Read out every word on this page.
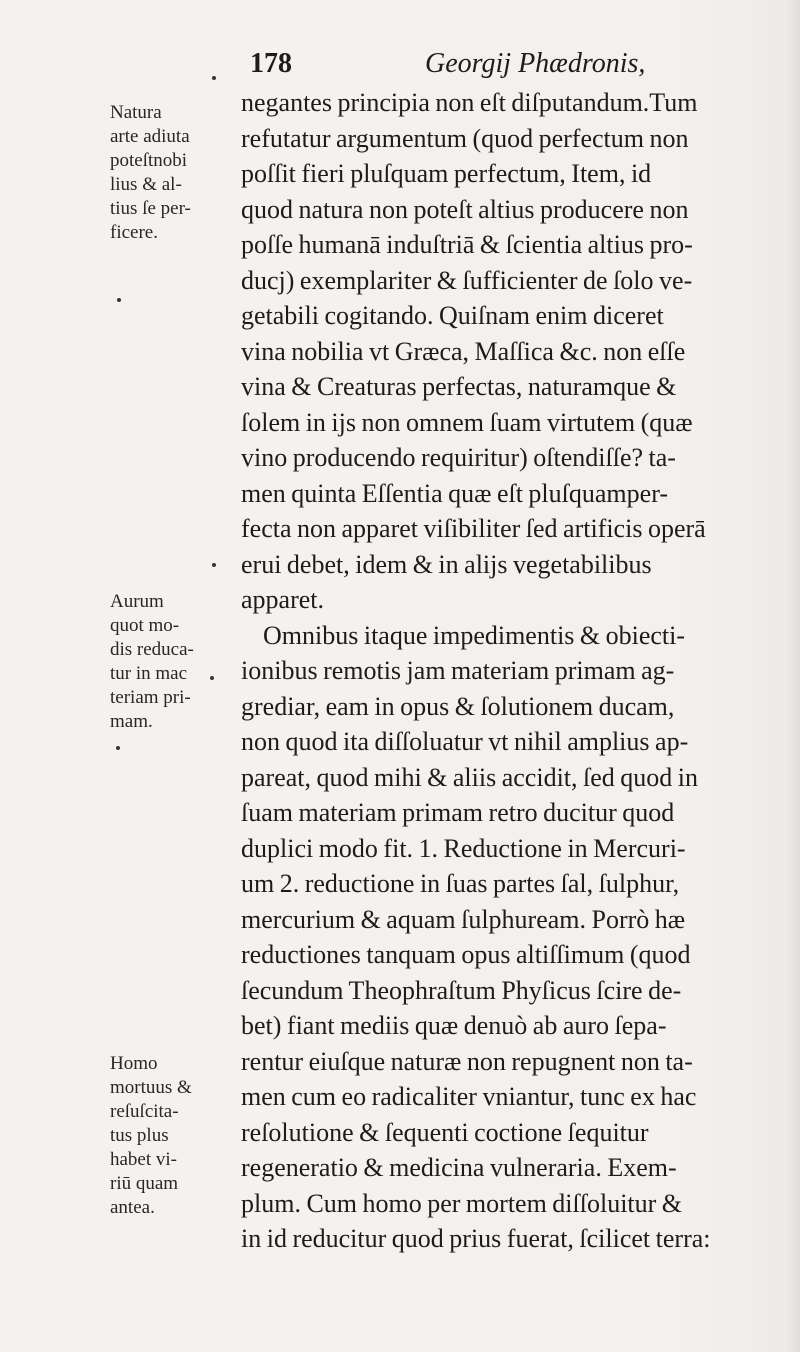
178	Georgij Phædronis,
Natura
arte adiuta
poteſtnobi
lius & al-
tius ſe per-
ficere.
Aurum
quot mo-
dis reduca-
tur in mac
teriam pri-
mam.
Homo
mortuus &
reſuſcita-
tus plus
habet vi-
riū quam
antea.
negantes principia non eſt diſputandum.Tum
refutatur argumentum (quod perfectum non
poſſit fieri pluſquam perfectum, Item, id
quod natura non poteſt altius producere non
poſſe humanā induſtriā & ſcientia altius pro-
ducj) exemplariter & ſufficienter de ſolo ve-
getabili cogitando. Quiſnam enim diceret
vina nobilia vt Græca, Maſſica &c. non eſſe
vina & Creaturas perfectas, naturamque &
ſolem in ijs non omnem ſuam virtutem (quæ
vino producendo requiritur) oſtendiſſe? ta-
men quinta Eſſentia quæ eſt pluſquamper-
fecta non apparet viſibiliter ſed artificis operā
erui debet, idem & in alijs vegetabilibus
apparet.
Omnibus itaque impedimentis & obiecti-
ionibus remotis jam materiam primam ag-
grediar, eam in opus & ſolutionem ducam,
non quod ita diſſoluatur vt nihil amplius ap-
pareat, quod mihi & aliis accidit, ſed quod in
ſuam materiam primam retro ducitur quod
duplici modo fit. 1. Reductione in Mercuri-
um 2. reductione in ſuas partes ſal, ſulphur,
mercurium & aquam ſulphuream. Porrò hæ
reductiones tanquam opus altiſſimum (quod
ſecundum Theophraſtum Phyſicus ſcire de-
bet) fiant mediis quæ denuò ab auro ſepa-
rentur eiuſque naturæ non repugnent non ta-
men cum eo radicaliter vniantur, tunc ex hac
reſolutione & ſequenti coctione ſequitur
regeneratio & medicina vulneraria. Exem-
plum. Cum homo per mortem diſſoluitur &
in id reducitur quod prius fuerat, ſcilicet terra:
